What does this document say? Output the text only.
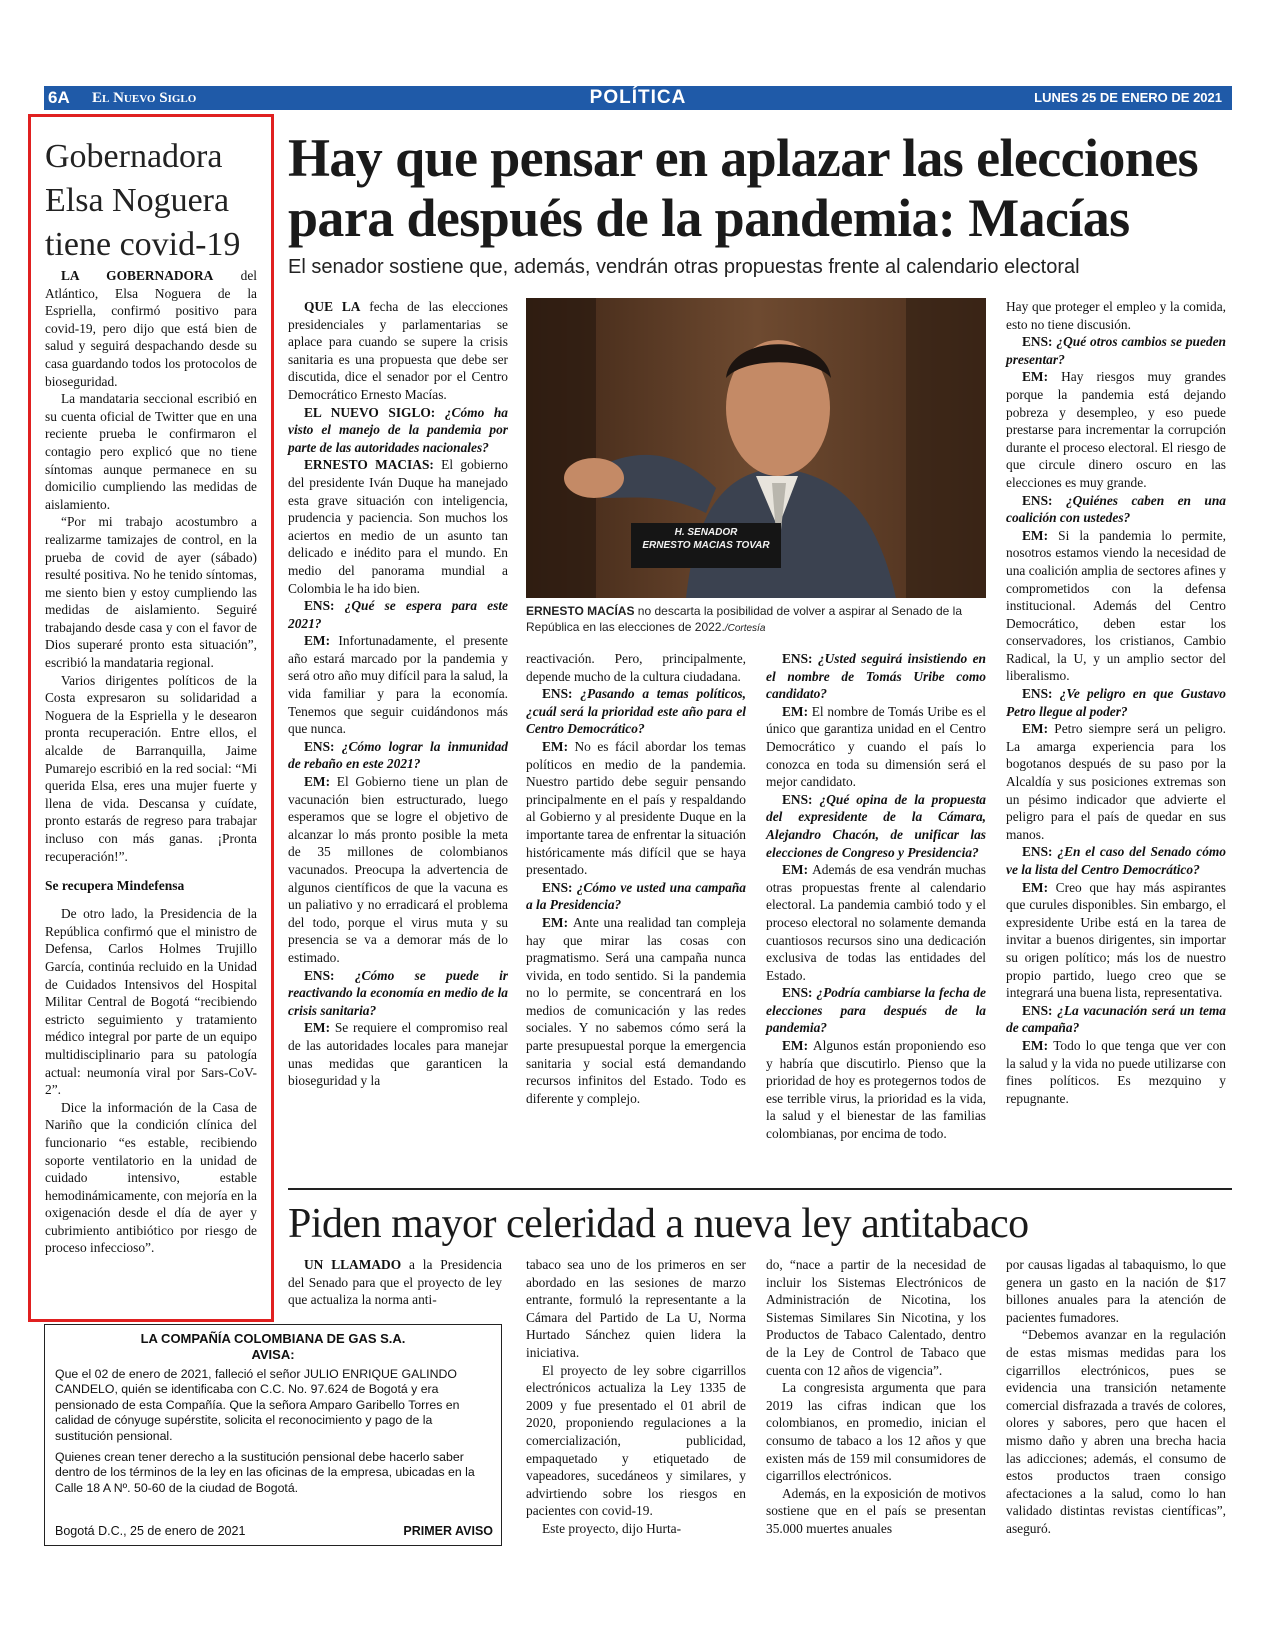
6A El Nuevo Siglo	POLÍTICA	LUNES 25 DE ENERO DE 2021
Gobernadora Elsa Noguera tiene covid-19

LA GOBERNADORA del Atlántico, Elsa Noguera de la Espriella, confirmó positivo para covid-19, pero dijo que está bien de salud y seguirá despachando desde su casa guardando todos los protocolos de bioseguridad.

La mandataria seccional escribió en su cuenta oficial de Twitter que en una reciente prueba le confirmaron el contagio pero explicó que no tiene síntomas aunque permanece en su domicilio cumpliendo las medidas de aislamiento.

“Por mi trabajo acostumbro a realizarme tamizajes de control, en la prueba de covid de ayer (sábado) resulté positiva. No he tenido síntomas, me siento bien y estoy cumpliendo las medidas de aislamiento. Seguiré trabajando desde casa y con el favor de Dios superaré pronto esta situación”, escribió la mandataria regional.

Varios dirigentes políticos de la Costa expresaron su solidaridad a Noguera de la Espriella y le desearon pronta recuperación. Entre ellos, el alcalde de Barranquilla, Jaime Pumarejo escribió en la red social: “Mi querida Elsa, eres una mujer fuerte y llena de vida. Descansa y cuídate, pronto estarás de regreso para trabajar incluso con más ganas. ¡Pronta recuperación!”.

Se recupera Mindefensa

De otro lado, la Presidencia de la República confirmó que el ministro de Defensa, Carlos Holmes Trujillo García, continúa recluido en la Unidad de Cuidados Intensivos del Hospital Militar Central de Bogotá “recibiendo estricto seguimiento y tratamiento médico integral por parte de un equipo multidisciplinario para su patología actual: neumonía viral por Sars-CoV-2”.

Dice la información de la Casa de Nariño que la condición clínica del funcionario “es estable, recibiendo soporte ventilatorio en la unidad de cuidado intensivo, estable hemodinámicamente, con mejoría en la oxigenación desde el día de ayer y cubrimiento antibiótico por riesgo de proceso infeccioso”.

Hay que pensar en aplazar las elecciones para después de la pandemia: Macías
El senador sostiene que, además, vendrán otras propuestas frente al calendario electoral

QUE LA fecha de las elecciones presidenciales y parlamentarias se aplace para cuando se supere la crisis sanitaria es una propuesta que debe ser discutida, dice el senador por el Centro Democrático Ernesto Macías.

EL NUEVO SIGLO: ¿Cómo ha visto el manejo de la pandemia por parte de las autoridades nacionales?

ERNESTO MACIAS: El gobierno del presidente Iván Duque ha manejado esta grave situación con inteligencia, prudencia y paciencia. Son muchos los aciertos en medio de un asunto tan delicado e inédito para el mundo. En medio del panorama mundial a Colombia le ha ido bien.

ENS: ¿Qué se espera para este 2021?

EM: Infortunadamente, el presente año estará marcado por la pandemia y será otro año muy difícil para la salud, la vida familiar y para la economía. Tenemos que seguir cuidándonos más que nunca.

ENS: ¿Cómo lograr la inmunidad de rebaño en este 2021?

EM: El Gobierno tiene un plan de vacunación bien estructurado, luego esperamos que se logre el objetivo de alcanzar lo más pronto posible la meta de 35 millones de colombianos vacunados. Preocupa la advertencia de algunos científicos de que la vacuna es un paliativo y no erradicará el problema del todo, porque el virus muta y su presencia se va a demorar más de lo estimado.

ENS: ¿Cómo se puede ir reactivando la economía en medio de la crisis sanitaria?

EM: Se requiere el compromiso real de las autoridades locales para manejar unas medidas que garanticen la bioseguridad y la

H. SENADOR
ERNESTO MACIAS TOVAR
ERNESTO MACÍAS no descarta la posibilidad de volver a aspirar al Senado de la República en las elecciones de 2022./Cortesía

reactivación. Pero, principalmente, depende mucho de la cultura ciudadana.

ENS: ¿Pasando a temas políticos, ¿cuál será la prioridad este año para el Centro Democrático?

EM: No es fácil abordar los temas políticos en medio de la pandemia. Nuestro partido debe seguir pensando principalmente en el país y respaldando al Gobierno y al presidente Duque en la importante tarea de enfrentar la situación históricamente más difícil que se haya presentado.

ENS: ¿Cómo ve usted una campaña a la Presidencia?

EM: Ante una realidad tan compleja hay que mirar las cosas con pragmatismo. Será una campaña nunca vivida, en todo sentido. Si la pandemia no lo permite, se concentrará en los medios de comunicación y las redes sociales. Y no sabemos cómo será la parte presupuestal porque la emergencia sanitaria y social está demandando recursos infinitos del Estado. Todo es diferente y complejo.

ENS: ¿Usted seguirá insistiendo en el nombre de Tomás Uribe como candidato?

EM: El nombre de Tomás Uribe es el único que garantiza unidad en el Centro Democrático y cuando el país lo conozca en toda su dimensión será el mejor candidato.

ENS: ¿Qué opina de la propuesta del expresidente de la Cámara, Alejandro Chacón, de unificar las elecciones de Congreso y Presidencia?

EM: Además de esa vendrán muchas otras propuestas frente al calendario electoral. La pandemia cambió todo y el proceso electoral no solamente demanda cuantiosos recursos sino una dedicación exclusiva de todas las entidades del Estado.

ENS: ¿Podría cambiarse la fecha de elecciones para después de la pandemia?

EM: Algunos están proponiendo eso y habría que discutirlo. Pienso que la prioridad de hoy es protegernos todos de ese terrible virus, la prioridad es la vida, la salud y el bienestar de las familias colombianas, por encima de todo.

Hay que proteger el empleo y la comida, esto no tiene discusión.

ENS: ¿Qué otros cambios se pueden presentar?

EM: Hay riesgos muy grandes porque la pandemia está dejando pobreza y desempleo, y eso puede prestarse para incrementar la corrupción durante el proceso electoral. El riesgo de que circule dinero oscuro en las elecciones es muy grande.

ENS: ¿Quiénes caben en una coalición con ustedes?

EM: Si la pandemia lo permite, nosotros estamos viendo la necesidad de una coalición amplia de sectores afines y comprometidos con la defensa institucional. Además del Centro Democrático, deben estar los conservadores, los cristianos, Cambio Radical, la U, y un amplio sector del liberalismo.

ENS: ¿Ve peligro en que Gustavo Petro llegue al poder?

EM: Petro siempre será un peligro. La amarga experiencia para los bogotanos después de su paso por la Alcaldía y sus posiciones extremas son un pésimo indicador que advierte el peligro para el país de quedar en sus manos.

ENS: ¿En el caso del Senado cómo ve la lista del Centro Democrático?

EM: Creo que hay más aspirantes que curules disponibles. Sin embargo, el expresidente Uribe está en la tarea de invitar a buenos dirigentes, sin importar su origen político; más los de nuestro propio partido, luego creo que se integrará una buena lista, representativa.

ENS: ¿La vacunación será un tema de campaña?

EM: Todo lo que tenga que ver con la salud y la vida no puede utilizarse con fines políticos. Es mezquino y repugnante.

Piden mayor celeridad a nueva ley antitabaco

UN LLAMADO a la Presidencia del Senado para que el proyecto de ley que actualiza la norma anti-

tabaco sea uno de los primeros en ser abordado en las sesiones de marzo entrante, formuló la representante a la Cámara del Partido de La U, Norma Hurtado Sánchez quien lidera la iniciativa.

El proyecto de ley sobre cigarrillos electrónicos actualiza la Ley 1335 de 2009 y fue presentado el 01 abril de 2020, proponiendo regulaciones a la comercialización, publicidad, empaquetado y etiquetado de vapeadores, sucedáneos y similares, y advirtiendo sobre los riesgos en pacientes con covid-19.

Este proyecto, dijo Hurta-

do, “nace a partir de la necesidad de incluir los Sistemas Electrónicos de Administración de Nicotina, los Sistemas Similares Sin Nicotina, y los Productos de Tabaco Calentado, dentro de la Ley de Control de Tabaco que cuenta con 12 años de vigencia”.

La congresista argumenta que para 2019 las cifras indican que los colombianos, en promedio, inician el consumo de tabaco a los 12 años y que existen más de 159 mil consumidores de cigarrillos electrónicos.

Además, en la exposición de motivos sostiene que en el país se presentan 35.000 muertes anuales

por causas ligadas al tabaquismo, lo que genera un gasto en la nación de $17 billones anuales para la atención de pacientes fumadores.

“Debemos avanzar en la regulación de estas mismas medidas para los cigarrillos electrónicos, pues se evidencia una transición netamente comercial disfrazada a través de colores, olores y sabores, pero que hacen el mismo daño y abren una brecha hacia las adicciones; además, el consumo de estos productos traen consigo afectaciones a la salud, como lo han validado distintas revistas científicas”, aseguró.

LA COMPAÑÍA COLOMBIANA DE GAS S.A.
AVISA:

Que el 02 de enero de 2021, falleció el señor JULIO ENRIQUE GALINDO CANDELO, quién se identificaba con C.C. No. 97.624 de Bogotá y era pensionado de esta Compañía. Que la señora Amparo Garibello Torres en calidad de cónyuge supérstite, solicita el reconocimiento y pago de la sustitución pensional.

Quienes crean tener derecho a la sustitución pensional debe hacerlo saber dentro de los términos de la ley en las oficinas de la empresa, ubicadas en la Calle 18 A Nº. 50-60 de la ciudad de Bogotá.

Bogotá D.C., 25 de enero de 2021	PRIMER AVISO
